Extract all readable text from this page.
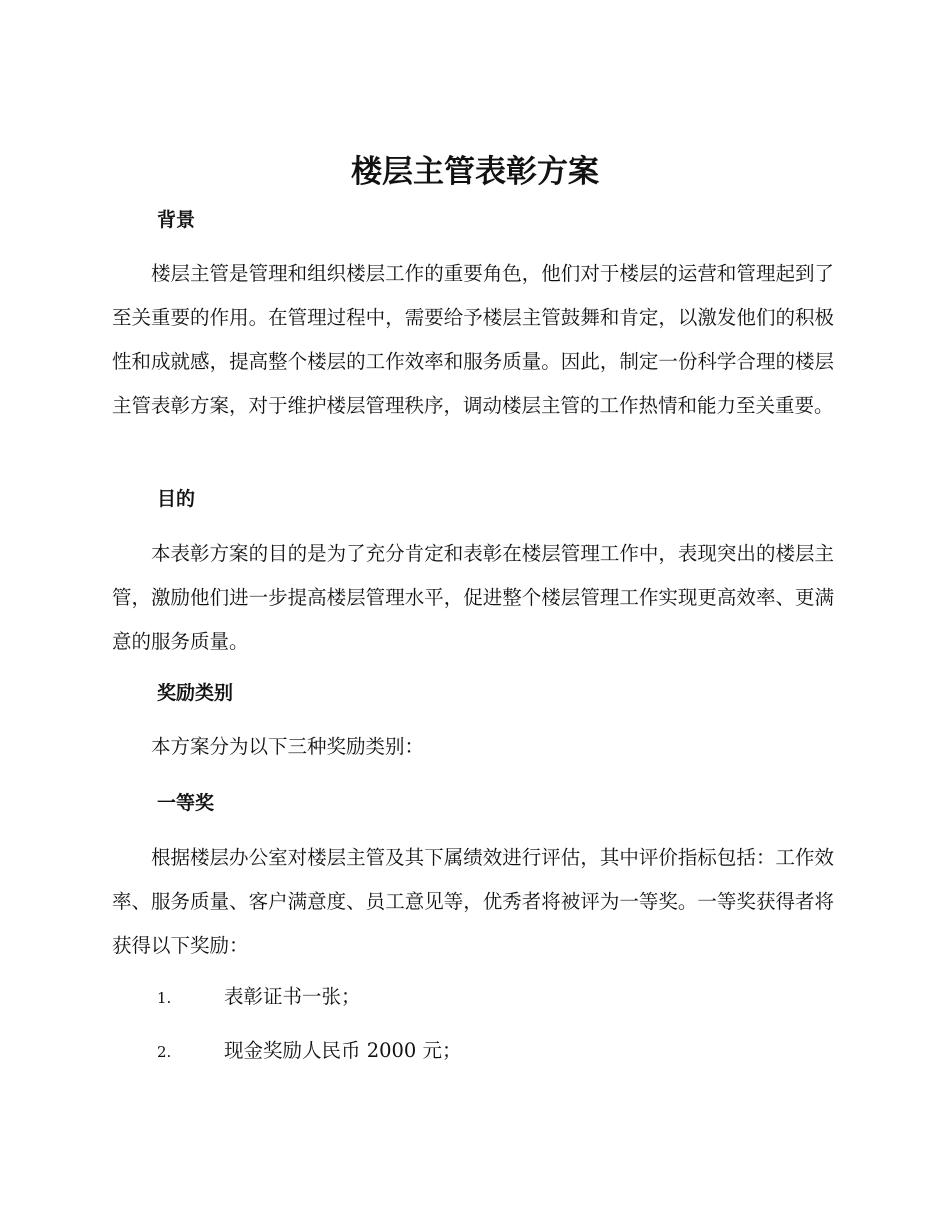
楼层主管表彰方案
背景

楼层主管是管理和组织楼层工作的重要角色，他们对于楼层的运营和管理起到了至关重要的作用。在管理过程中，需要给予楼层主管鼓舞和肯定，以激发他们的积极性和成就感，提高整个楼层的工作效率和服务质量。因此，制定一份科学合理的楼层主管表彰方案，对于维护楼层管理秩序，调动楼层主管的工作热情和能力至关重要。

目的

本表彰方案的目的是为了充分肯定和表彰在楼层管理工作中，表现突出的楼层主管，激励他们进一步提高楼层管理水平，促进整个楼层管理工作实现更高效率、更满意的服务质量。

奖励类别

本方案分为以下三种奖励类别：

一等奖

根据楼层办公室对楼层主管及其下属绩效进行评估，其中评价指标包括：工作效率、服务质量、客户满意度、员工意见等，优秀者将被评为一等奖。一等奖获得者将获得以下奖励：

1.	表彰证书一张；
2.	现金奖励人民币 2000 元；
